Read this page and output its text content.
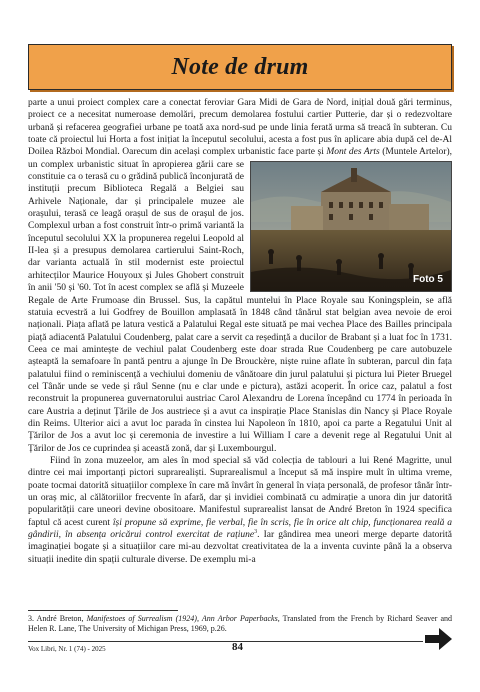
Note de drum

parte a unui proiect complex care a conectat feroviar Gara Midi de Gara de Nord, inițial două gări terminus, proiect ce a necesitat numeroase demolări, precum demolarea fostului cartier Putterie, dar și o redezvoltare urbană și refacerea geografiei urbane pe toată axa nord-sud pe unde linia ferată urma să treacă în subteran. Cu toate că proiectul lui Horta a fost inițiat la începutul secolului, acesta a fost pus în aplicare abia după cel de-Al Doilea Război Mondial. Oarecum din același complex urbanistic face parte și Mont des Arts
Foto 5
(Muntele Artelor), un complex urbanistic situat în apropierea gării care se constituie ca o terasă cu o grădină publică înconjurată de instituții precum Biblioteca Regală a Belgiei sau Arhivele Naționale, dar și principalele muzee ale orașului, terasă ce leagă orașul de sus de orașul de jos. Complexul urban a fost construit într-o primă variantă la începutul secolului XX la propunerea regelui Leopold al II-lea și a presupus demolarea cartierului Saint-Roch, dar varianta actuală în stil modernist este proiectul arhitecților Maurice Houyoux și Jules Ghobert construit în anii '50 și '60. Tot în acest complex se află și Muzeele Regale de Arte Frumoase din Brussel. Sus, la capătul muntelui în Place Royale sau Koningsplein, se află statuia ecvestră a lui Godfrey de Bouillon amplasată în 1848 când tânărul stat belgian avea nevoie de eroi naționali. Piața aflată pe latura vestică a Palatului Regal este situată pe mai vechea Place des Bailles principala piață adiacentă Palatului Coudenberg, palat care a servit ca reședință a ducilor de Brabant și a luat foc în 1731. Ceea ce mai amintește de vechiul palat Coudenberg este doar strada Rue Coudenberg pe care autobuzele așteaptă la semafoare în pantă pentru a ajunge în De Brouckère, niște ruine aflate în subteran, parcul din fața palatului fiind o reminiscență a vechiului domeniu de vânătoare din jurul palatului și pictura lui Pieter Bruegel cel Tânăr unde se vede și râul Senne (nu e clar unde e pictura), astăzi acoperit. În orice caz, palatul a fost reconstruit la propunerea guvernatorului austriac Carol Alexandru de Lorena începând cu 1774 în perioada în care Austria a deținut Țările de Jos austriece și a avut ca inspirație Place Stanislas din Nancy și Place Royale din Reims. Ulterior aici a avut loc parada în cinstea lui Napoleon în 1810, apoi ca parte a Regatului Unit al Țărilor de Jos a avut loc și ceremonia de investire a lui William I care a devenit rege al Regatului Unit al Țărilor de Jos ce cuprindea și această zonă, dar și Luxembourgul.

Fiind în zona muzeelor, am ales în mod special să văd colecția de tablouri a lui René Magritte, unul dintre cei mai importanți pictori suprarealiști. Suprarealismul a început să mă inspire mult în ultima vreme, poate tocmai datorită situațiilor complexe în care mă învârt în general în viața personală, de profesor tânăr într-un oraș mic, al călătoriilor frecvente în afară, dar și invidiei combinată cu admirație a unora din jur datorită popularității care uneori devine obositoare. Manifestul suprarealist lansat de André Breton în 1924 specifica faptul că acest curent își propune să exprime, fie verbal, fie în scris, fie în orice alt chip, funcționarea reală a gândirii, în absența oricărui control exercitat de rațiune$^3$. Iar gândirea mea uneori merge departe datorită imaginației bogate și a situațiilor care mi-au dezvoltat creativitatea de la a inventa cuvinte până la a observa situații inedite din spații culturale diverse. De exemplu mi-a

3. André Breton, Manifestoes of Surrealism (1924), Ann Arbor Paperbacks, Translated from the French by Richard Seaver and Helen R. Lane, The University of Michigan Press, 1969, p.26.
Vox Libri, Nr. 1 (74) - 2025	84
